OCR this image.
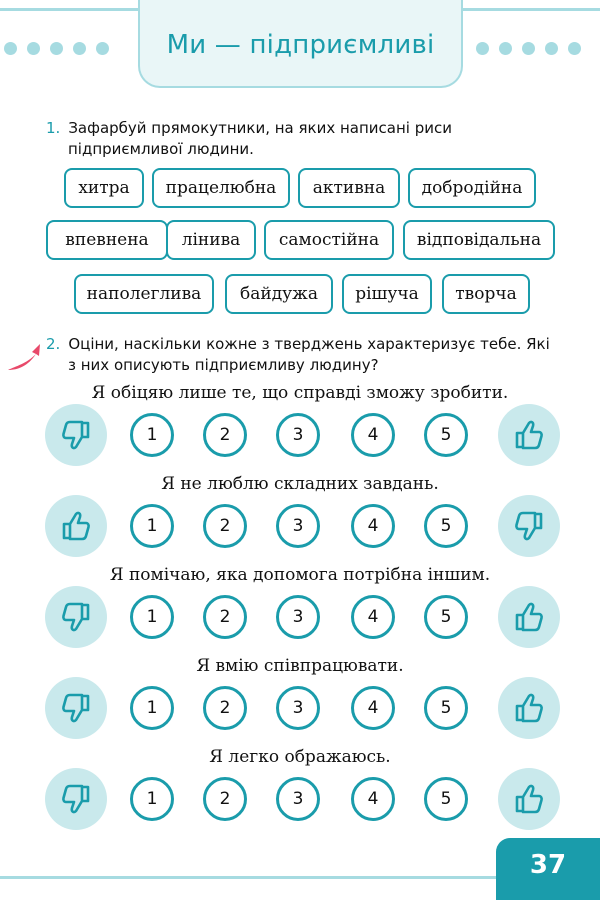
Ми — підприємливі
1. Зафарбуй прямокутники, на яких написані риси
підприємливої людини.
хитра	працелюбна	активна	добродійна
впевнена	лінива	самостійна	відповідальна
наполеглива	байдужа	рішуча	творча
2. Оціни, наскільки кожне з тверджень характеризує тебе. Які
з них описують підприємливу людину?
Я обіцяю лише те, що справді зможу зробити.
1	2	3	4	5
Я не люблю складних завдань.
1	2	3	4	5
Я помічаю, яка допомога потрібна іншим.
1	2	3	4	5
Я вмію співпрацювати.
1	2	3	4	5
Я легко ображаюсь.
1	2	3	4	5
37
